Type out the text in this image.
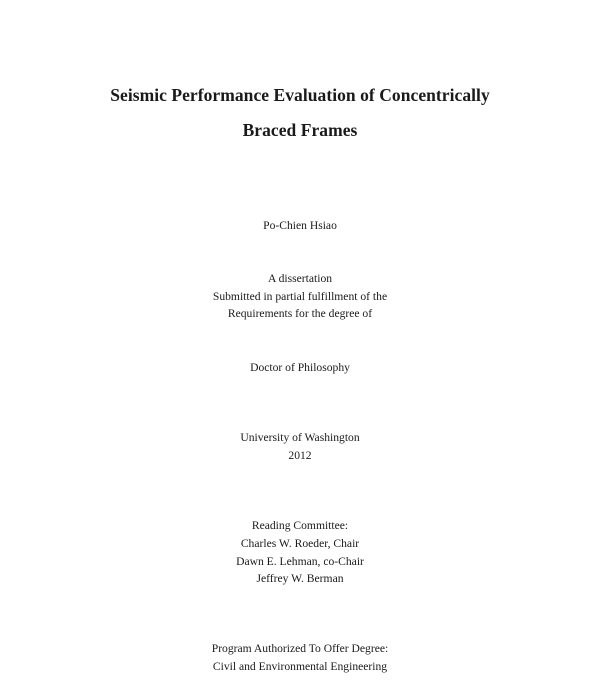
Seismic Performance Evaluation of Concentrically
Braced Frames
Po-Chien Hsiao
A dissertation
Submitted in partial fulfillment of the
Requirements for the degree of
Doctor of Philosophy
University of Washington
2012
Reading Committee:
Charles W. Roeder, Chair
Dawn E. Lehman, co-Chair
Jeffrey W. Berman
Program Authorized To Offer Degree:
Civil and Environmental Engineering
